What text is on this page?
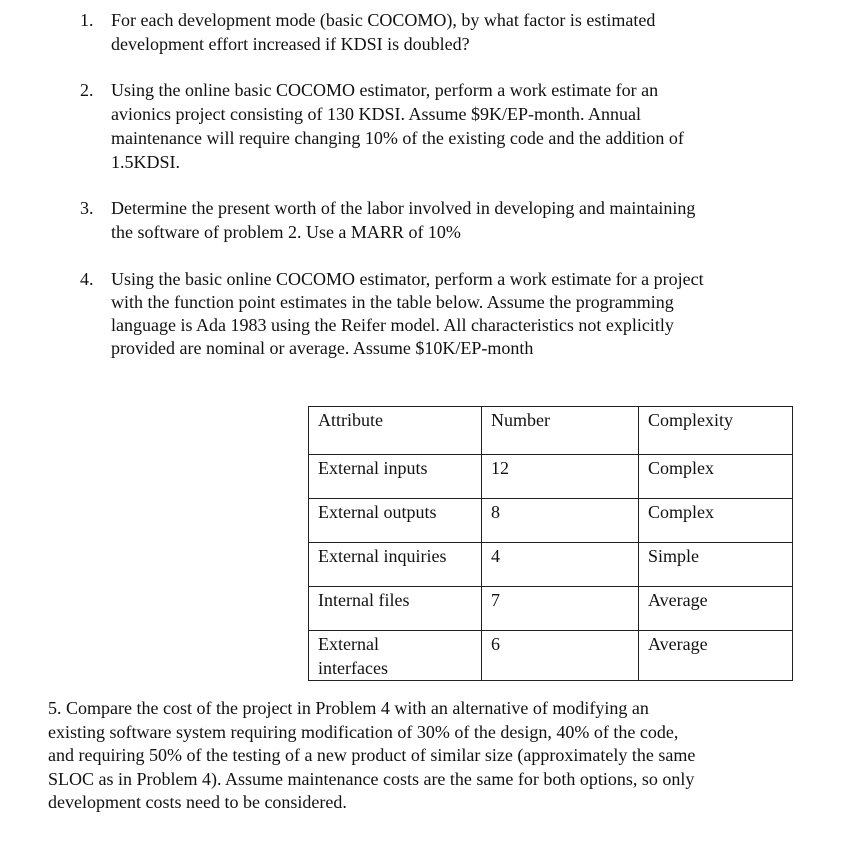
1. For each development mode (basic COCOMO), by what factor is estimated
development effort increased if KDSI is doubled?
2. Using the online basic COCOMO estimator, perform a work estimate for an
avionics project consisting of 130 KDSI. Assume $9K/EP-month. Annual
maintenance will require changing 10% of the existing code and the addition of
1.5KDSI.
3. Determine the present worth of the labor involved in developing and maintaining
the software of problem 2. Use a MARR of 10%
4. Using the basic online COCOMO estimator, perform a work estimate for a project
with the function point estimates in the table below. Assume the programming
language is Ada 1983 using the Reifer model. All characteristics not explicitly
provided are nominal or average. Assume $10K/EP-month
Attribute	Number	Complexity
External inputs	12	Complex
External outputs	8	Complex
External inquiries	4	Simple
Internal files	7	Average
External
interfaces	6	Average
5. Compare the cost of the project in Problem 4 with an alternative of modifying an
existing software system requiring modification of 30% of the design, 40% of the code,
and requiring 50% of the testing of a new product of similar size (approximately the same
SLOC as in Problem 4). Assume maintenance costs are the same for both options, so only
development costs need to be considered.
